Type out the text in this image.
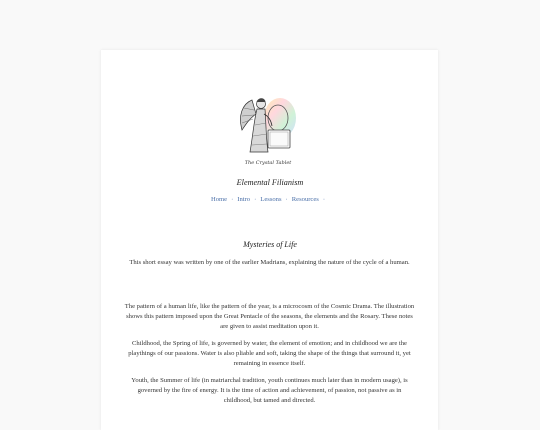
The Crystal Tablet
Elemental Filianism
Home · Intro · Lessons · Resources ·
Mysteries of Life

This short essay was written by one of the earlier Madrians, explaining the nature of the cycle of a human.

The pattern of a human life, like the pattern of the year, is a microcosm of the Cosmic Drama. The illustration shows this pattern imposed upon the Great Pentacle of the seasons, the elements and the Rosary. These notes are given to assist meditation upon it.

Childhood, the Spring of life, is governed by water, the element of emotion; and in childhood we are the playthings of our passions. Water is also pliable and soft, taking the shape of the things that surround it, yet remaining in essence itself.

Youth, the Summer of life (in matriarchal tradition, youth continues much later than in modern usage), is governed by the fire of energy. It is the time of action and achievement, of passion, not passive as in childhood, but tamed and directed.
